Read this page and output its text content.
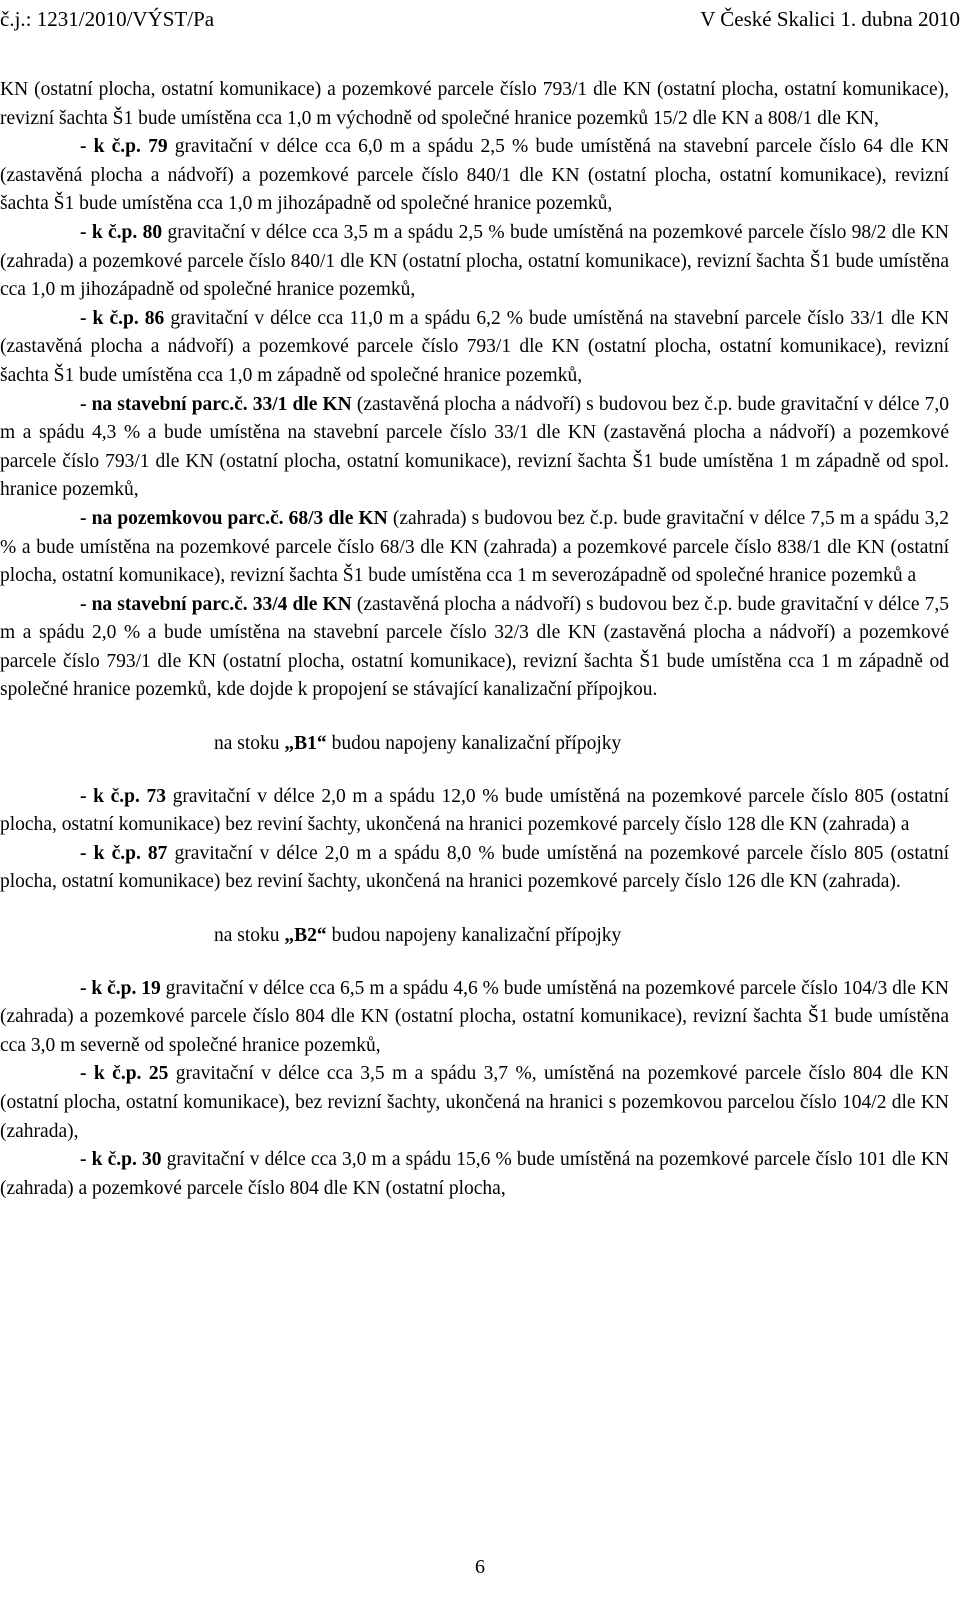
č.j.: 1231/2010/VÝST/Pa	V České Skalici 1. dubna 2010

KN (ostatní plocha, ostatní komunikace) a pozemkové parcele číslo 793/1 dle KN (ostatní plocha, ostatní komunikace), revizní šachta Š1 bude umístěna cca 1,0 m východně od společné hranice pozemků 15/2 dle KN a 808/1 dle KN,

- k č.p. 79 gravitační v délce cca 6,0 m a spádu 2,5 % bude umístěná na stavební parcele číslo 64 dle KN (zastavěná plocha a nádvoří) a pozemkové parcele číslo 840/1 dle KN (ostatní plocha, ostatní komunikace), revizní šachta Š1 bude umístěna cca 1,0 m jihozápadně od společné hranice pozemků,

- k č.p. 80 gravitační v délce cca 3,5 m a spádu 2,5 % bude umístěná na pozemkové parcele číslo 98/2 dle KN (zahrada) a pozemkové parcele číslo 840/1 dle KN (ostatní plocha, ostatní komunikace), revizní šachta Š1 bude umístěna cca 1,0 m jihozápadně od společné hranice pozemků,

- k č.p. 86 gravitační v délce cca 11,0 m a spádu 6,2 % bude umístěná na stavební parcele číslo 33/1 dle KN (zastavěná plocha a nádvoří) a pozemkové parcele číslo 793/1 dle KN (ostatní plocha, ostatní komunikace), revizní šachta Š1 bude umístěna cca 1,0 m západně od společné hranice pozemků,

- na stavební parc.č. 33/1 dle KN (zastavěná plocha a nádvoří) s budovou bez č.p. bude gravitační v délce 7,0 m a spádu 4,3 % a bude umístěna na stavební parcele číslo 33/1 dle KN (zastavěná plocha a nádvoří) a pozemkové parcele číslo 793/1 dle KN (ostatní plocha, ostatní komunikace), revizní šachta Š1 bude umístěna 1 m západně od spol. hranice pozemků,

- na pozemkovou parc.č. 68/3 dle KN (zahrada) s budovou bez č.p. bude gravitační v délce 7,5 m a spádu 3,2 % a bude umístěna na pozemkové parcele číslo 68/3 dle KN (zahrada) a pozemkové parcele číslo 838/1 dle KN (ostatní plocha, ostatní komunikace), revizní šachta Š1 bude umístěna cca 1 m severozápadně od společné hranice pozemků a

- na stavební parc.č. 33/4 dle KN (zastavěná plocha a nádvoří) s budovou bez č.p. bude gravitační v délce 7,5 m a spádu 2,0 % a bude umístěna na stavební parcele číslo 32/3 dle KN (zastavěná plocha a nádvoří) a pozemkové parcele číslo 793/1 dle KN (ostatní plocha, ostatní komunikace), revizní šachta Š1 bude umístěna cca 1 m západně od společné hranice pozemků, kde dojde k propojení se stávající kanalizační přípojkou.

na stoku „B1“ budou napojeny kanalizační přípojky

- k č.p. 73 gravitační v délce 2,0 m a spádu 12,0 % bude umístěná na pozemkové parcele číslo 805 (ostatní plocha, ostatní komunikace) bez reviní šachty, ukončená na hranici pozemkové parcely číslo 128 dle KN (zahrada) a

- k č.p. 87 gravitační v délce 2,0 m a spádu 8,0 % bude umístěná na pozemkové parcele číslo 805 (ostatní plocha, ostatní komunikace) bez reviní šachty, ukončená na hranici pozemkové parcely číslo 126 dle KN (zahrada).

na stoku „B2“ budou napojeny kanalizační přípojky

- k č.p. 19 gravitační v délce cca 6,5 m a spádu 4,6 % bude umístěná na pozemkové parcele číslo 104/3 dle KN (zahrada) a pozemkové parcele číslo 804 dle KN (ostatní plocha, ostatní komunikace), revizní šachta Š1 bude umístěna cca 3,0 m severně od společné hranice pozemků,

- k č.p. 25 gravitační v délce cca 3,5 m a spádu 3,7 %, umístěná na pozemkové parcele číslo 804 dle KN (ostatní plocha, ostatní komunikace), bez revizní šachty, ukončená na hranici s pozemkovou parcelou číslo 104/2 dle KN (zahrada),

- k č.p. 30 gravitační v délce cca 3,0 m a spádu 15,6 % bude umístěná na pozemkové parcele číslo 101 dle KN (zahrada) a pozemkové parcele číslo 804 dle KN (ostatní plocha,

6
